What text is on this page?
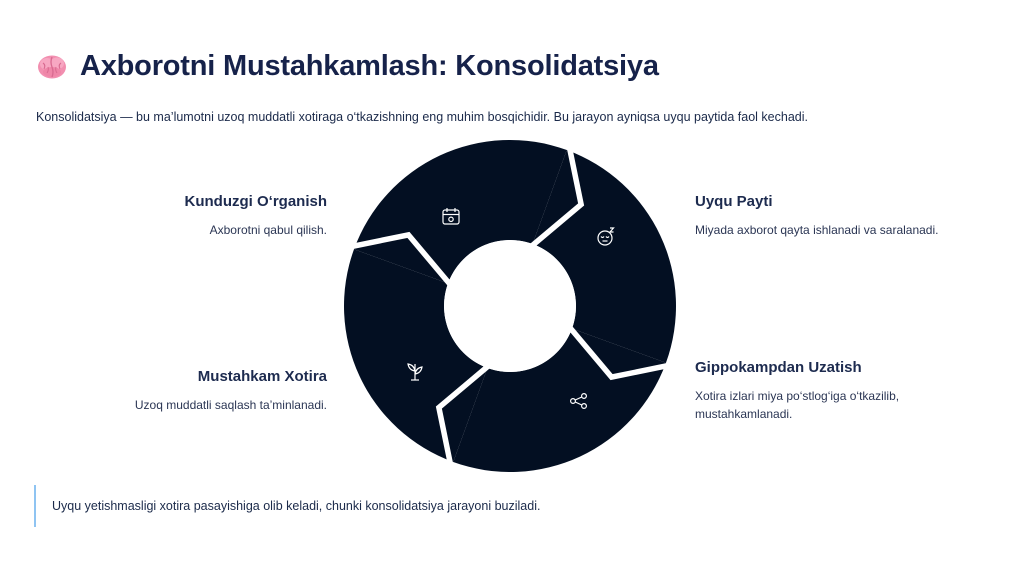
Axborotni Mustahkamlash: Konsolidatsiya
Konsolidatsiya — bu ma’lumotni uzoq muddatli xotiraga o‘tkazishning eng muhim bosqichidir. Bu jarayon ayniqsa uyqu paytida faol kechadi.
Kunduzgi O‘rganish

Axborotni qabul qilish.

Uyqu Payti

Miyada axborot qayta ishlanadi va saralanadi.

Gippokampdan Uzatish

Xotira izlari miya po‘stlog‘iga o‘tkazilib, mustahkamlanadi.

Mustahkam Xotira

Uzoq muddatli saqlash ta’minlanadi.

Uyqu yetishmasligi xotira pasayishiga olib keladi, chunki konsolidatsiya jarayoni buziladi.
